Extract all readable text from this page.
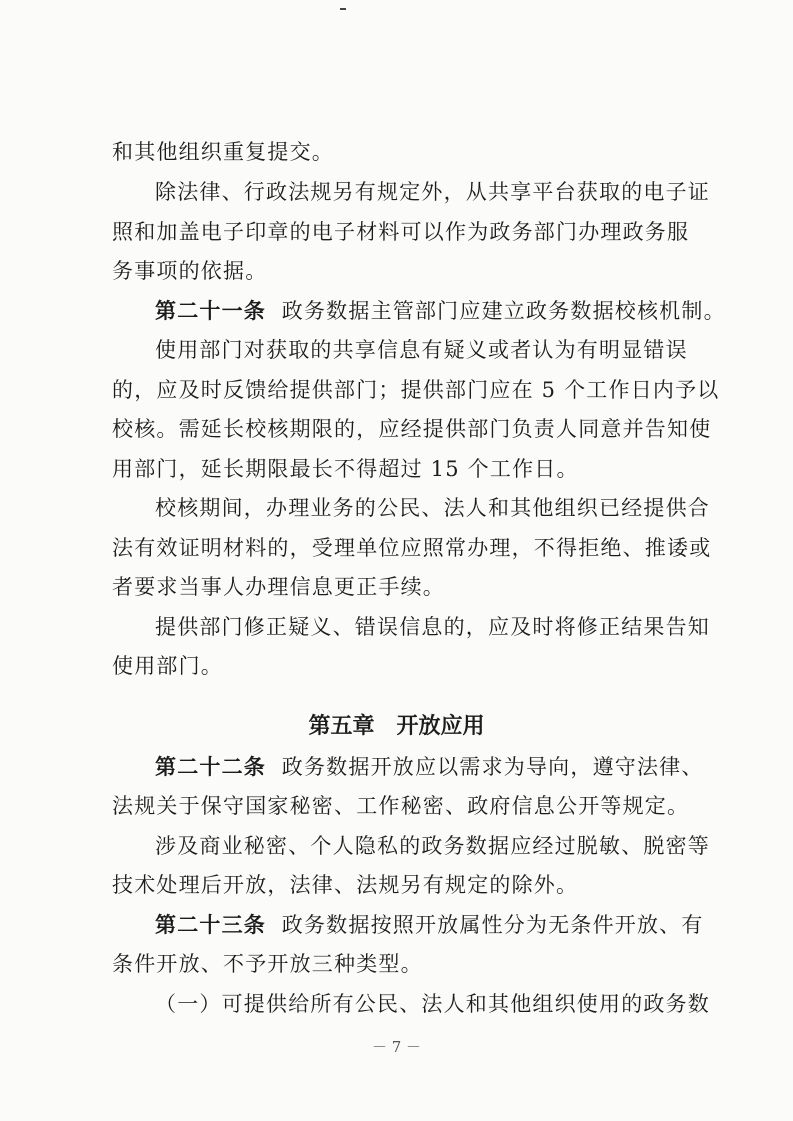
和其他组织重复提交。
除法律、行政法规另有规定外，从共享平台获取的电子证
照和加盖电子印章的电子材料可以作为政务部门办理政务服
务事项的依据。
第二十一条 政务数据主管部门应建立政务数据校核机制。
使用部门对获取的共享信息有疑义或者认为有明显错误
的，应及时反馈给提供部门；提供部门应在 5 个工作日内予以
校核。需延长校核期限的，应经提供部门负责人同意并告知使
用部门，延长期限最长不得超过 15 个工作日。
校核期间，办理业务的公民、法人和其他组织已经提供合
法有效证明材料的，受理单位应照常办理，不得拒绝、推诿或
者要求当事人办理信息更正手续。
提供部门修正疑义、错误信息的，应及时将修正结果告知
使用部门。
第五章　开放应用
第二十二条 政务数据开放应以需求为导向，遵守法律、
法规关于保守国家秘密、工作秘密、政府信息公开等规定。
涉及商业秘密、个人隐私的政务数据应经过脱敏、脱密等
技术处理后开放，法律、法规另有规定的除外。
第二十三条 政务数据按照开放属性分为无条件开放、有
条件开放、不予开放三种类型。
（一）可提供给所有公民、法人和其他组织使用的政务数
－ 7 －
